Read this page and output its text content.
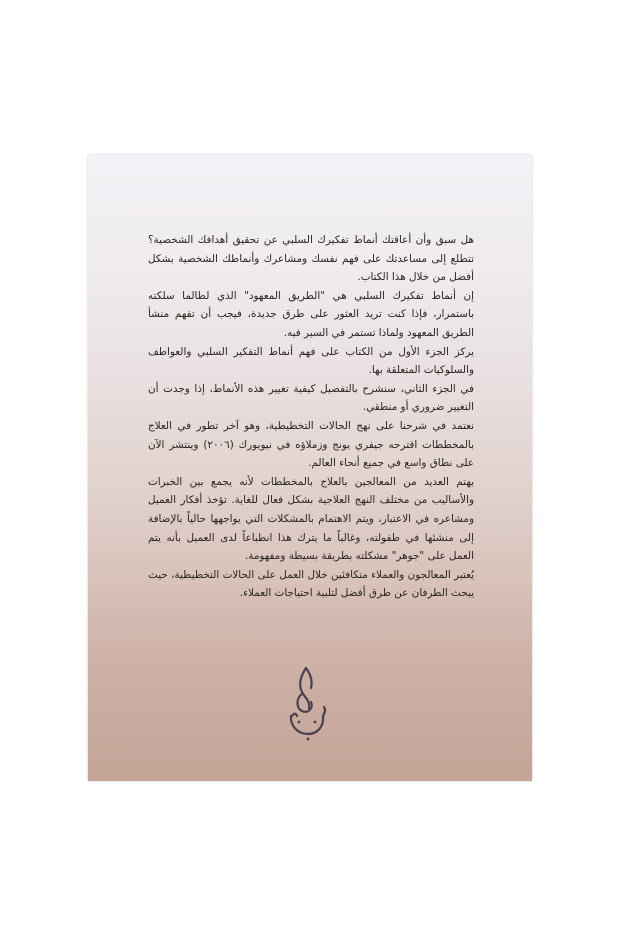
هل سبق وأن أعاقتك أنماط تفكيرك السلبي عن تحقيق أهدافك الشخصية؟ تتطلع إلى مساعدتك على فهم نفسك ومشاعرك وأنماطك الشخصية بشكل أفضل من خلال هذا الكتاب.

إن أنماط تفكيرك السلبي هي "الطريق المعهود" الذي لطالما سلكته باستمرار، فإذا كنت تريد العثور على طرق جديدة، فيجب أن تفهم منشأ الطريق المعهود ولماذا تستمر في السير فيه.

يركز الجزء الأول من الكتاب على فهم أنماط التفكير السلبي والعواطف والسلوكيات المتعلقة بها.

في الجزء الثاني، سنشرح بالتفصيل كيفية تغيير هذه الأنماط، إذا وجدت أن التغيير ضروري أو منطقي.

نعتمد في شرحنا على نهج الحالات التخطيطية، وهو آخر تطور في العلاج بالمخططات اقترحه جيفري يونج وزملاؤه في نيويورك (٢٠٠٦) وينتشر الآن على نطاق واسع في جميع أنحاء العالم.

يهتم العديد من المعالجين بالعلاج بالمخططات لأنه يجمع بين الخبرات والأساليب من مختلف النهج العلاجية بشكل فعال للغاية. تؤخذ أفكار العميل ومشاعره في الاعتبار، ويتم الاهتمام بالمشكلات التي يواجهها حالياً بالإضافة إلى منشئها في طفولته، وغالباً ما يترك هذا انطباعاً لدى العميل بأنه يتم العمل على "جوهر" مشكلته بطريقة بسيطة ومفهومة.

يُعتبر المعالجون والعملاء متكافئين خلال العمل على الحالات التخطيطية، حيث يبحث الطرفان عن طرق أفضل لتلبية احتياجات العملاء.
